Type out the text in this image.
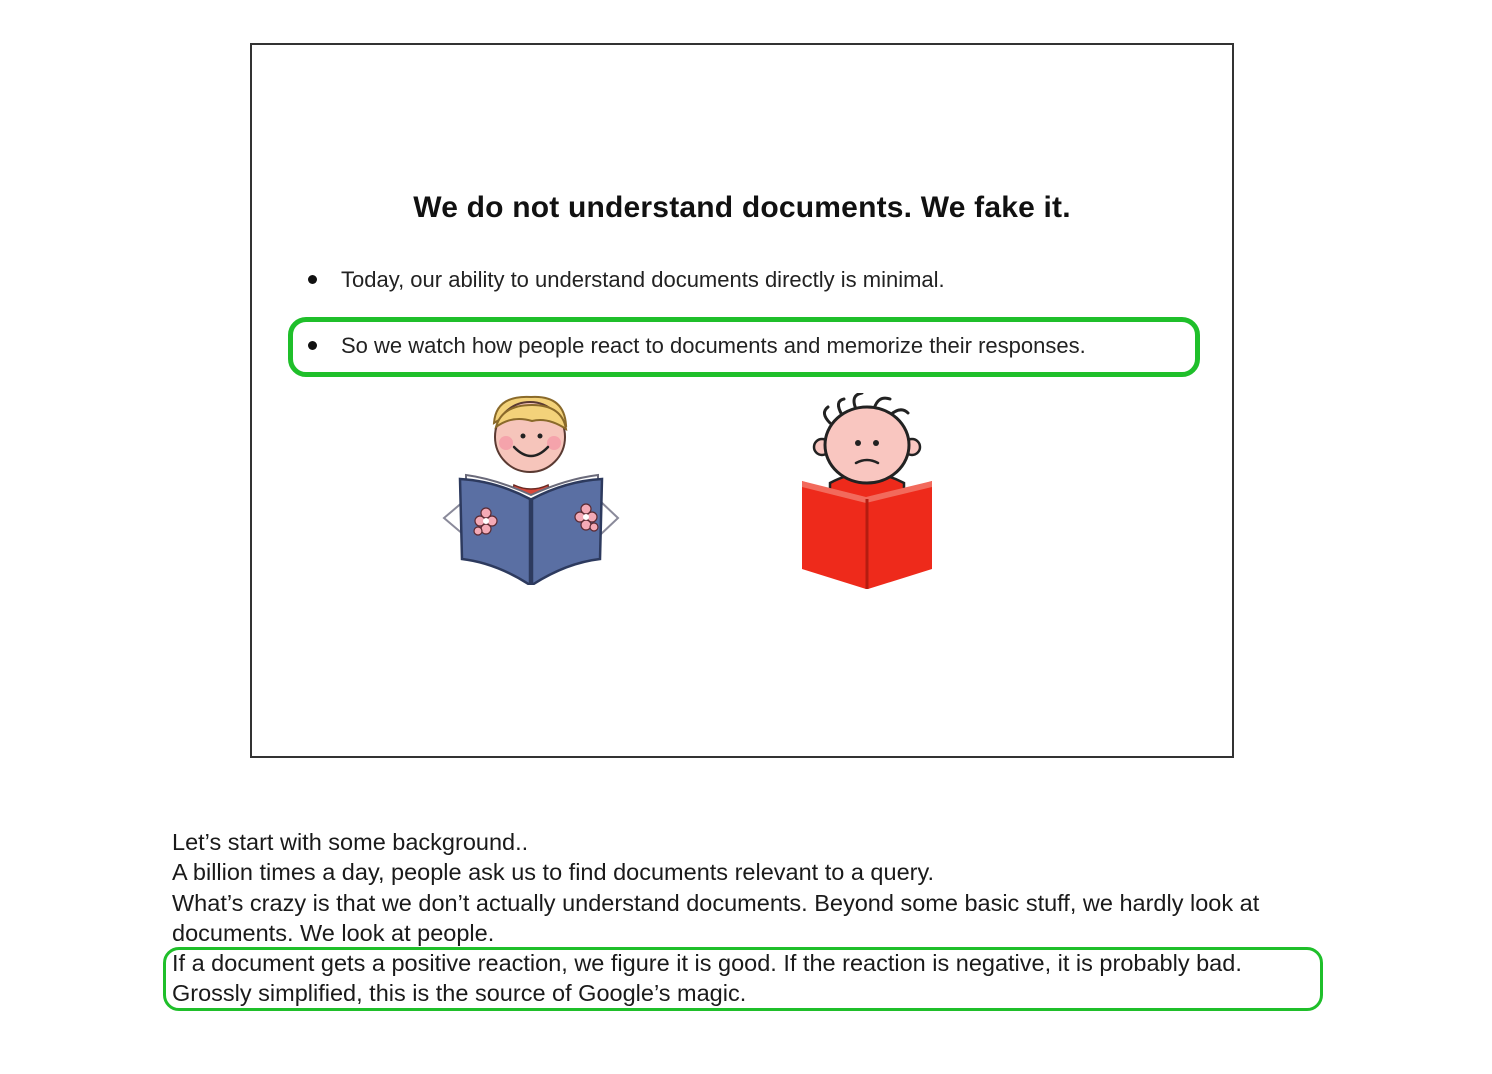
We do not understand documents. We fake it.
Today, our ability to understand documents directly is minimal.
So we watch how people react to documents and memorize their responses.

Let’s start with some background..

A billion times a day, people ask us to find documents relevant to a query.

What’s crazy is that we don’t actually understand documents. Beyond some basic stuff, we hardly look at documents. We look at people.

If a document gets a positive reaction, we figure it is good. If the reaction is negative, it is probably bad.

Grossly simplified, this is the source of Google’s magic.
